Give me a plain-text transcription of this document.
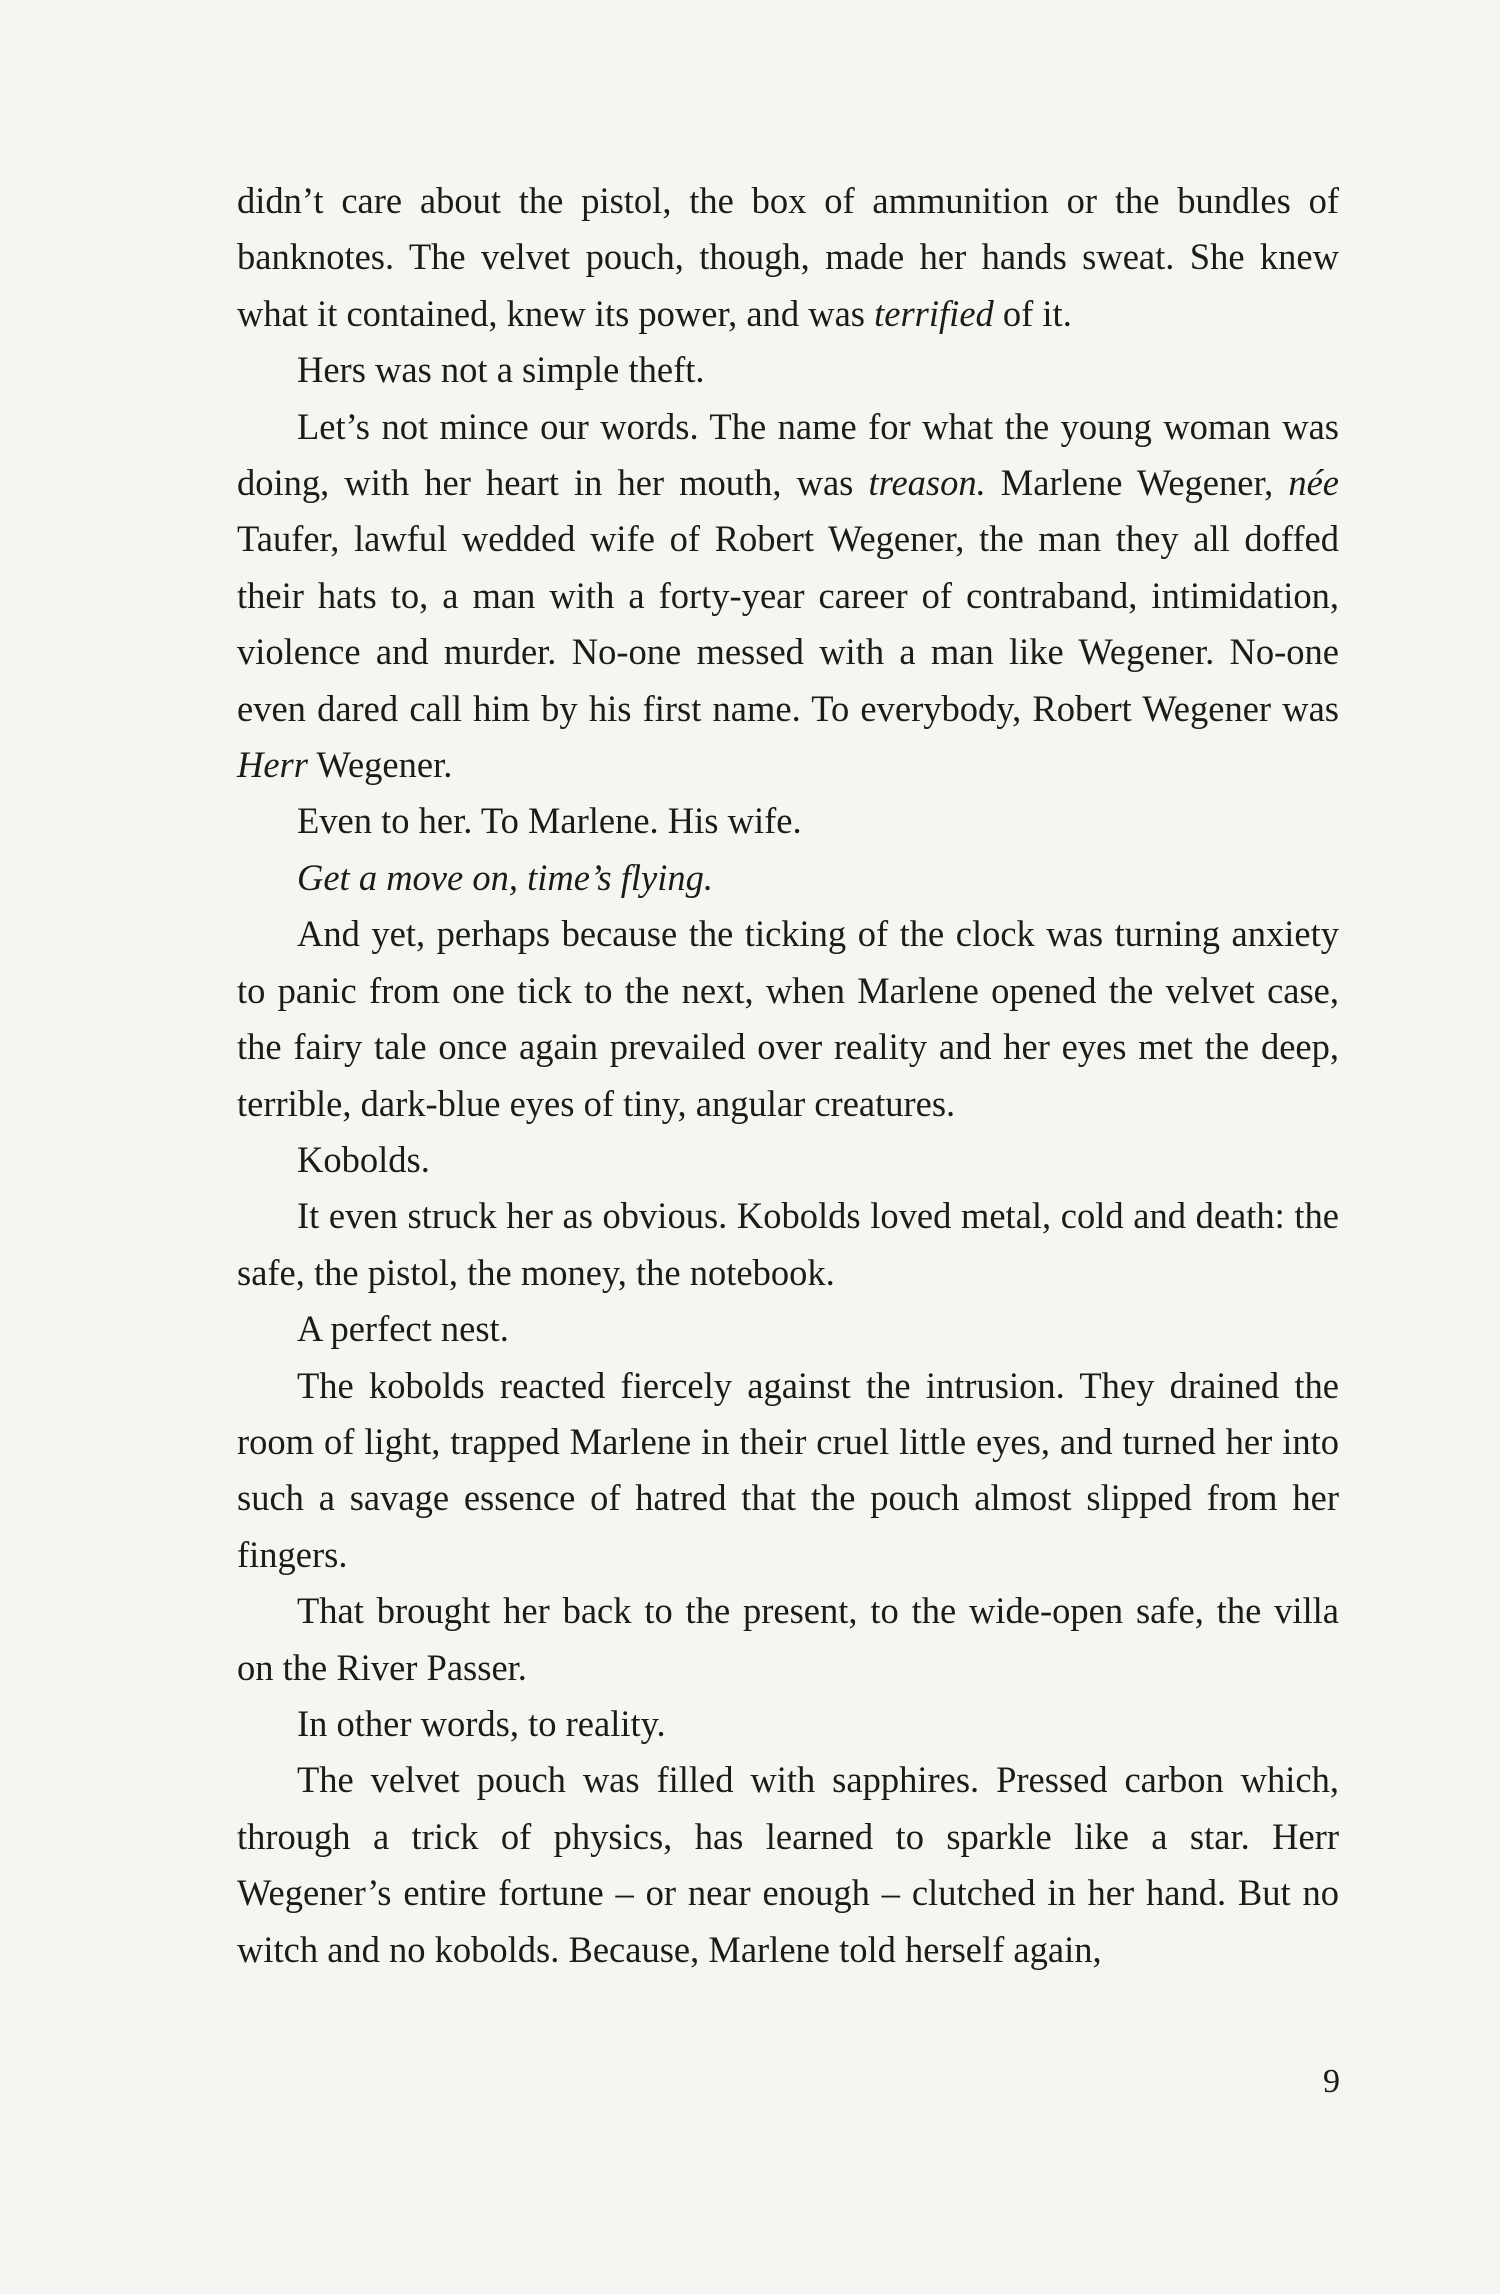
didn’t care about the pistol, the box of ammunition or the bundles of banknotes. The velvet pouch, though, made her hands sweat. She knew what it contained, knew its power, and was terrified of it.

Hers was not a simple theft.

Let’s not mince our words. The name for what the young woman was doing, with her heart in her mouth, was treason. Marlene Wegener, née Taufer, lawful wedded wife of Robert Wegener, the man they all doffed their hats to, a man with a forty-year career of contraband, intimidation, violence and murder. No-one messed with a man like Wegener. No-one even dared call him by his first name. To everybody, Robert Wegener was Herr Wegener.

Even to her. To Marlene. His wife.

Get a move on, time’s flying.

And yet, perhaps because the ticking of the clock was turning anxiety to panic from one tick to the next, when Marlene opened the velvet case, the fairy tale once again prevailed over reality and her eyes met the deep, terrible, dark-blue eyes of tiny, angular creatures.

Kobolds.

It even struck her as obvious. Kobolds loved metal, cold and death: the safe, the pistol, the money, the notebook.

A perfect nest.

The kobolds reacted fiercely against the intrusion. They drained the room of light, trapped Marlene in their cruel little eyes, and turned her into such a savage essence of hatred that the pouch almost slipped from her fingers.

That brought her back to the present, to the wide-open safe, the villa on the River Passer.

In other words, to reality.

The velvet pouch was filled with sapphires. Pressed carbon which, through a trick of physics, has learned to sparkle like a star. Herr Wegener’s entire fortune – or near enough – clutched in her hand. But no witch and no kobolds. Because, Marlene told herself again,

9
